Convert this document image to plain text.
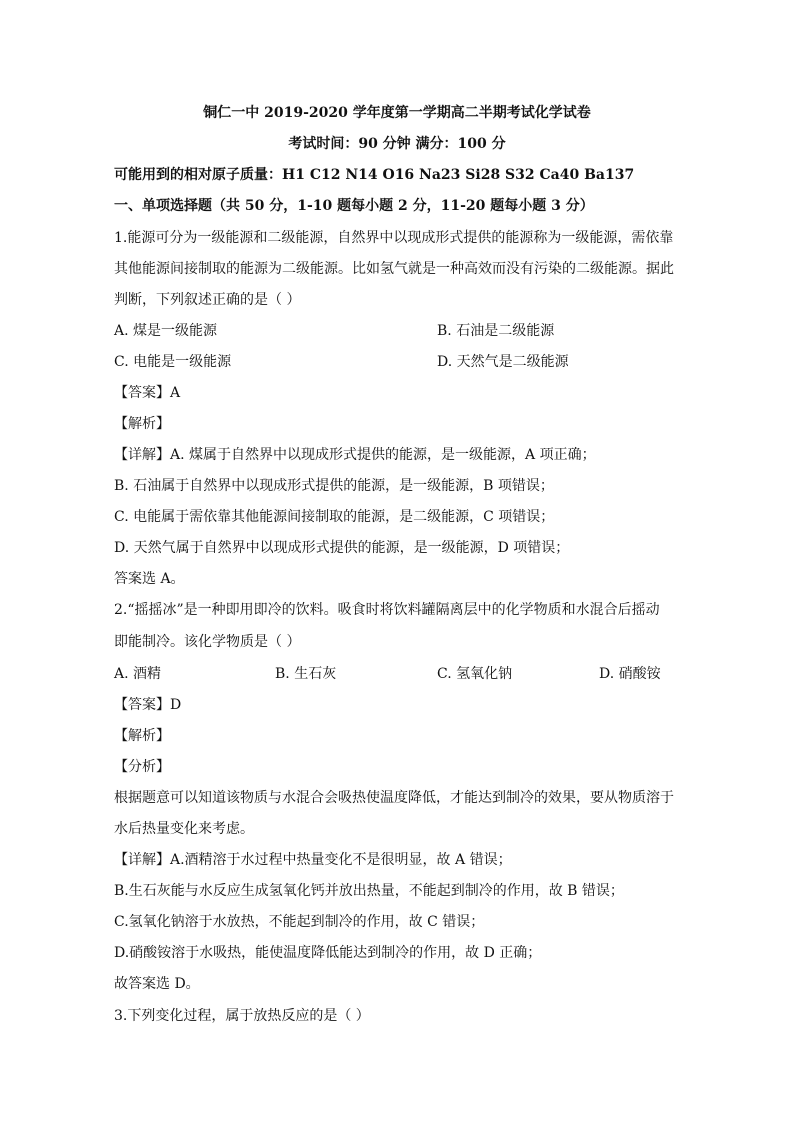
铜仁一中 2019-2020 学年度第一学期高二半期考试化学试卷
考试时间：90 分钟 满分：100 分
可能用到的相对原子质量：H1 C12 N14 O16 Na23 Si28 S32 Ca40 Ba137
一、单项选择题（共 50 分，1-10 题每小题 2 分，11-20 题每小题 3 分）
1.能源可分为一级能源和二级能源，自然界中以现成形式提供的能源称为一级能源，需依靠
其他能源间接制取的能源为二级能源。比如氢气就是一种高效而没有污染的二级能源。据此
判断，下列叙述正确的是（ ）
A. 煤是一级能源	B. 石油是二级能源
C. 电能是一级能源	D. 天然气是二级能源
【答案】A
【解析】
【详解】A. 煤属于自然界中以现成形式提供的能源，是一级能源，A 项正确；
B. 石油属于自然界中以现成形式提供的能源，是一级能源，B 项错误；
C. 电能属于需依靠其他能源间接制取的能源，是二级能源，C 项错误；
D. 天然气属于自然界中以现成形式提供的能源，是一级能源，D 项错误；
答案选 A。
2.“摇摇冰”是一种即用即冷的饮料。吸食时将饮料罐隔离层中的化学物质和水混合后摇动
即能制冷。该化学物质是（ ）
A. 酒精	B. 生石灰	C. 氢氧化钠	D. 硝酸铵
【答案】D
【解析】
【分析】
根据题意可以知道该物质与水混合会吸热使温度降低，才能达到制冷的效果，要从物质溶于
水后热量变化来考虑。
【详解】A.酒精溶于水过程中热量变化不是很明显，故 A 错误；
B.生石灰能与水反应生成氢氧化钙并放出热量，不能起到制冷的作用，故 B 错误；
C.氢氧化钠溶于水放热，不能起到制冷的作用，故 C 错误；
D.硝酸铵溶于水吸热，能使温度降低能达到制冷的作用，故 D 正确；
故答案选 D。
3.下列变化过程，属于放热反应的是（ ）
